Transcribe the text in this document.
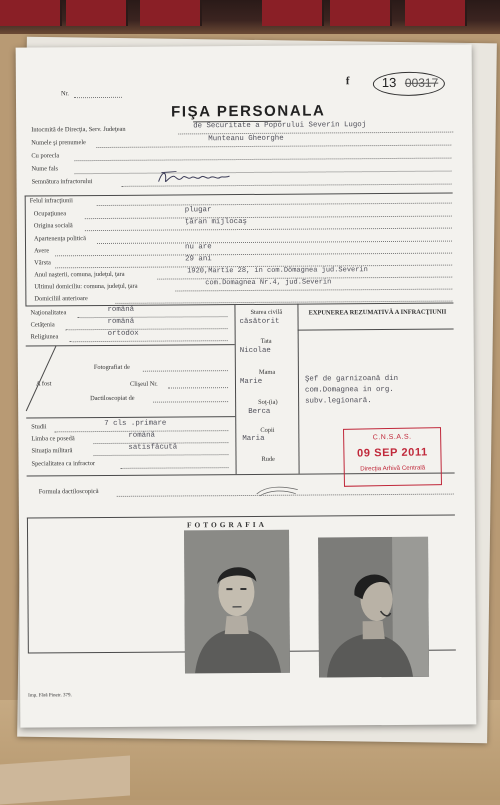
Nr.
f 13 00317
FIŞA PERSONALA
Intocmită de Direcţia, Serv. Judeţean	de Securitate a Poporului Severin Lugoj
Numele şi prenumele	Munteanu Gheorghe
Cu porecla
Nume fals
Semnătura infractorului
Felul infracţiunii
Ocupaţiunea	plugar
Origina socială	ţăran mijlocaş
Apartenenţa politică
Avere	nu are
Vârsta	29 ani
Anul naşterii, comuna, judeţul, ţara	1920,Martie 28, in com.Dômagnea jud.Severin
Ultimul domiciliu: comuna, judeţul, ţara	com.Domagnea Nr.4, jud.Severin
Domiciliil anterioare
Naţionalitatea	română
Cetăţenia	română
Religiunea	ortodox
Fotografiat de
A fost	Clişeul Nr.
Dactiloscopiat de
Studii	7 cls .primare
Limba ce posedă	română
Situaţia militară	satisfăcută
Specialitatea ca infractor
Starea civilă
căsătorit
Tata
Nicolae
Mama
Marie
Soţ-(ia)
Berca
Copii
Maria
Rude
EXPUNEREA REZUMATIVĂ A INFRACŢIUNII
Şef de garnizoană din
com.Domagnea in org.
subv.legionară.
C.N.S.A.S.
09 SEP 2011
Direcţia Arhivă Centrală
Formula dactiloscopică
FOTOGRAFIA
Imp. Fără Pinetr. 379.
